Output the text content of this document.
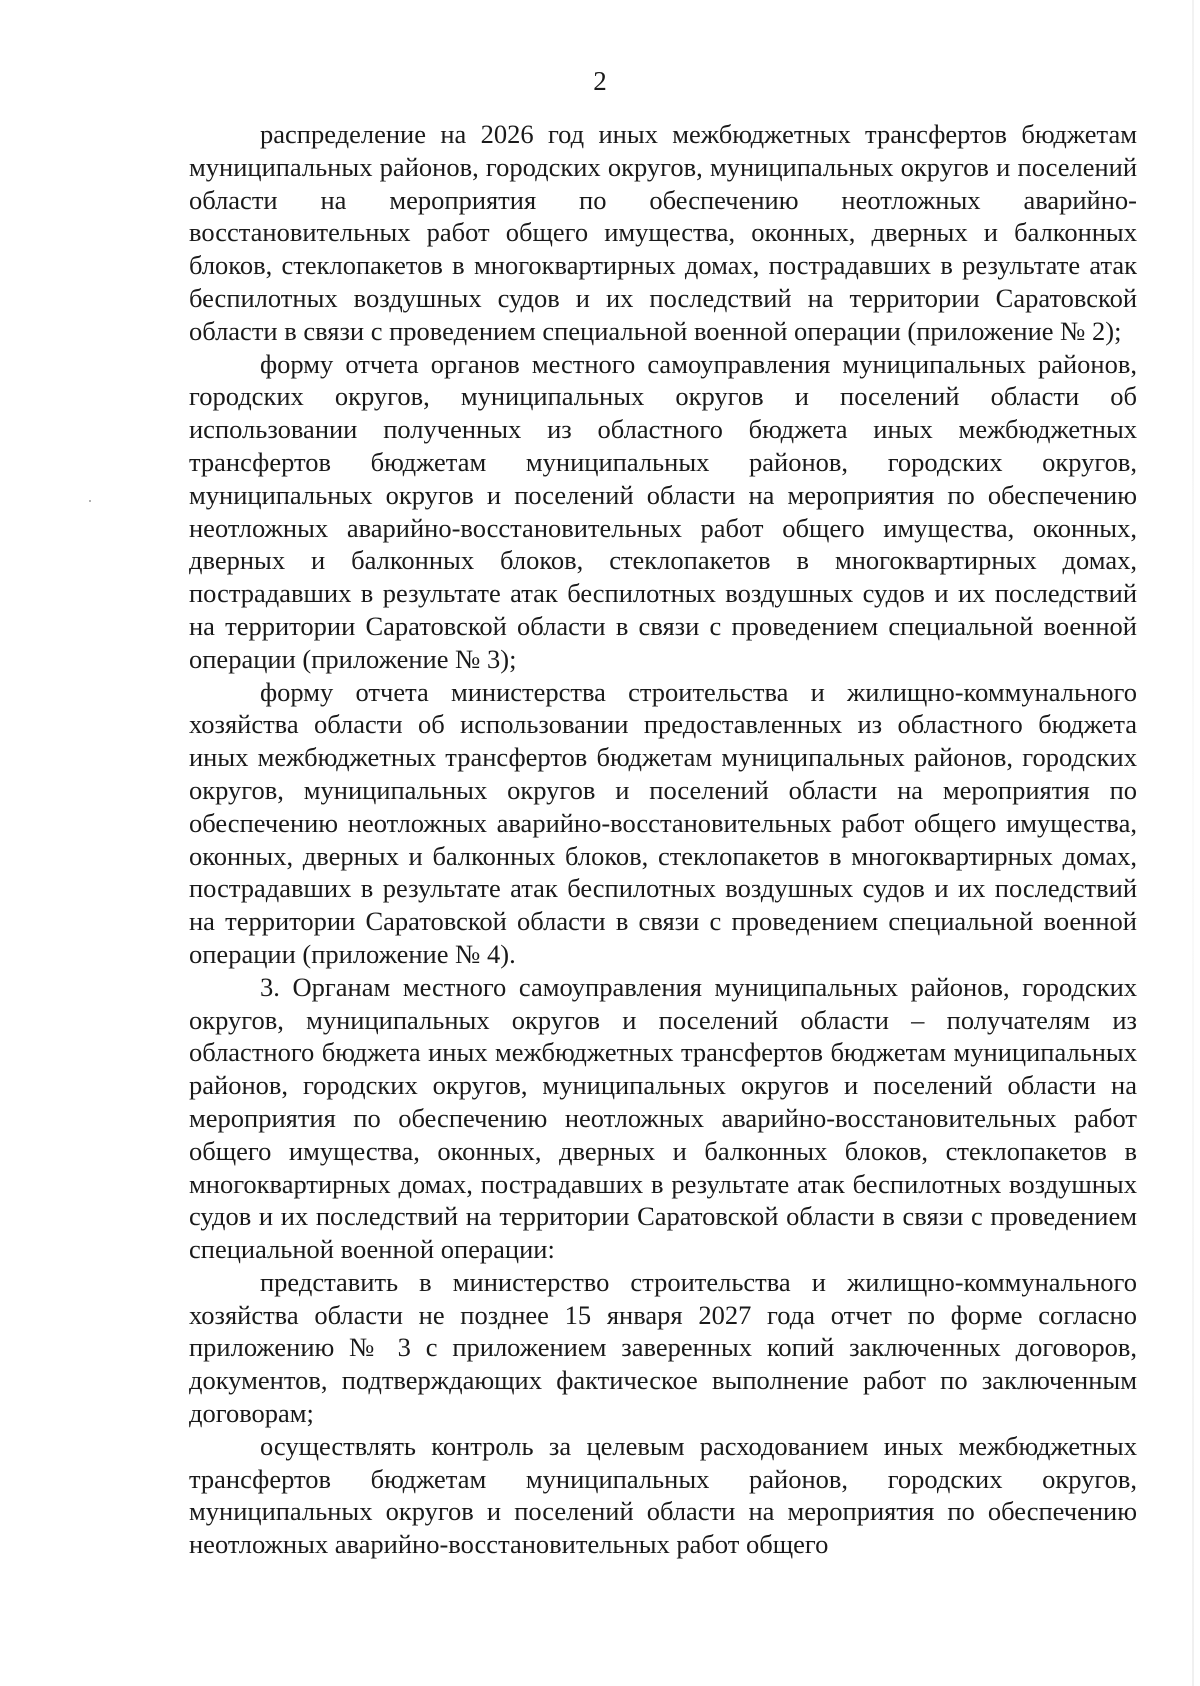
2

распределение на 2026 год иных межбюджетных трансфертов бюджетам муниципальных районов, городских округов, муниципальных округов и поселений области на мероприятия по обеспечению неотложных аварийно-восстановительных работ общего имущества, оконных, дверных и балконных блоков, стеклопакетов в многоквартирных домах, пострадавших в результате атак беспилотных воздушных судов и их последствий на территории Саратовской области в связи с проведением специальной военной операции (приложение № 2);

форму отчета органов местного самоуправления муниципальных районов, городских округов, муниципальных округов и поселений области об использовании полученных из областного бюджета иных межбюджетных трансфертов бюджетам муниципальных районов, городских округов, муниципальных округов и поселений области на мероприятия по обеспечению неотложных аварийно-восстановительных работ общего имущества, оконных, дверных и балконных блоков, стеклопакетов в многоквартирных домах, пострадавших в результате атак беспилотных воздушных судов и их последствий на территории Саратовской области в связи с проведением специальной военной операции (приложение № 3);

форму отчета министерства строительства и жилищно-коммунального хозяйства области об использовании предоставленных из областного бюджета иных межбюджетных трансфертов бюджетам муниципальных районов, городских округов, муниципальных округов и поселений области на мероприятия по обеспечению неотложных аварийно-восстановительных работ общего имущества, оконных, дверных и балконных блоков, стеклопакетов в многоквартирных домах, пострадавших в результате атак беспилотных воздушных судов и их последствий на территории Саратовской области в связи с проведением специальной военной операции (приложение № 4).

3. Органам местного самоуправления муниципальных районов, городских округов, муниципальных округов и поселений области – получателям из областного бюджета иных межбюджетных трансфертов бюджетам муниципальных районов, городских округов, муниципальных округов и поселений области на мероприятия по обеспечению неотложных аварийно-восстановительных работ общего имущества, оконных, дверных и балконных блоков, стеклопакетов в многоквартирных домах, пострадавших в результате атак беспилотных воздушных судов и их последствий на территории Саратовской области в связи с проведением специальной военной операции:

представить в министерство строительства и жилищно-коммунального хозяйства области не позднее 15 января 2027 года отчет по форме согласно приложению № 3 с приложением заверенных копий заключенных договоров, документов, подтверждающих фактическое выполнение работ по заключенным договорам;

осуществлять контроль за целевым расходованием иных межбюджетных трансфертов бюджетам муниципальных районов, городских округов, муниципальных округов и поселений области на мероприятия по обеспечению неотложных аварийно-восстановительных работ общего
